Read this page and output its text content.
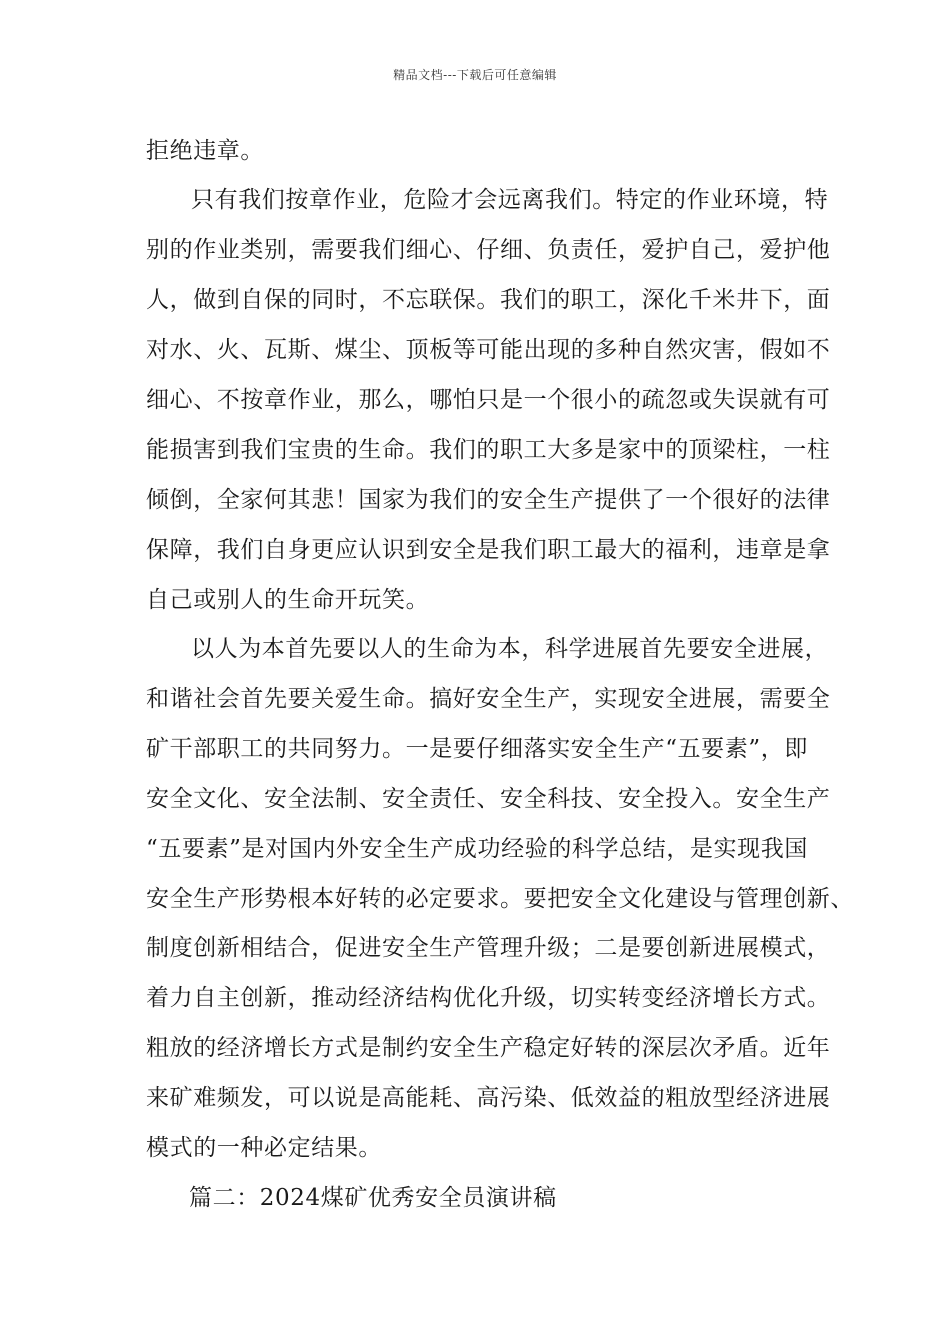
精品文档---下载后可任意编辑
拒绝违章。
只有我们按章作业，危险才会远离我们。特定的作业环境，特
别的作业类别，需要我们细心、仔细、负责任，爱护自己，爱护他
人，做到自保的同时，不忘联保。我们的职工，深化千米井下，面
对水、火、瓦斯、煤尘、顶板等可能出现的多种自然灾害，假如不
细心、不按章作业，那么，哪怕只是一个很小的疏忽或失误就有可
能损害到我们宝贵的生命。我们的职工大多是家中的顶梁柱，一柱
倾倒，全家何其悲！国家为我们的安全生产提供了一个很好的法律
保障，我们自身更应认识到安全是我们职工最大的福利，违章是拿
自己或别人的生命开玩笑。
以人为本首先要以人的生命为本，科学进展首先要安全进展，
和谐社会首先要关爱生命。搞好安全生产，实现安全进展，需要全
矿干部职工的共同努力。一是要仔细落实安全生产“五要素”，即
安全文化、安全法制、安全责任、安全科技、安全投入。安全生产
“五要素”是对国内外安全生产成功经验的科学总结，是实现我国
安全生产形势根本好转的必定要求。要把安全文化建设与管理创新、
制度创新相结合，促进安全生产管理升级；二是要创新进展模式，
着力自主创新，推动经济结构优化升级，切实转变经济增长方式。
粗放的经济增长方式是制约安全生产稳定好转的深层次矛盾。近年
来矿难频发，可以说是高能耗、高污染、低效益的粗放型经济进展
模式的一种必定结果。
篇二：2024煤矿优秀安全员演讲稿
